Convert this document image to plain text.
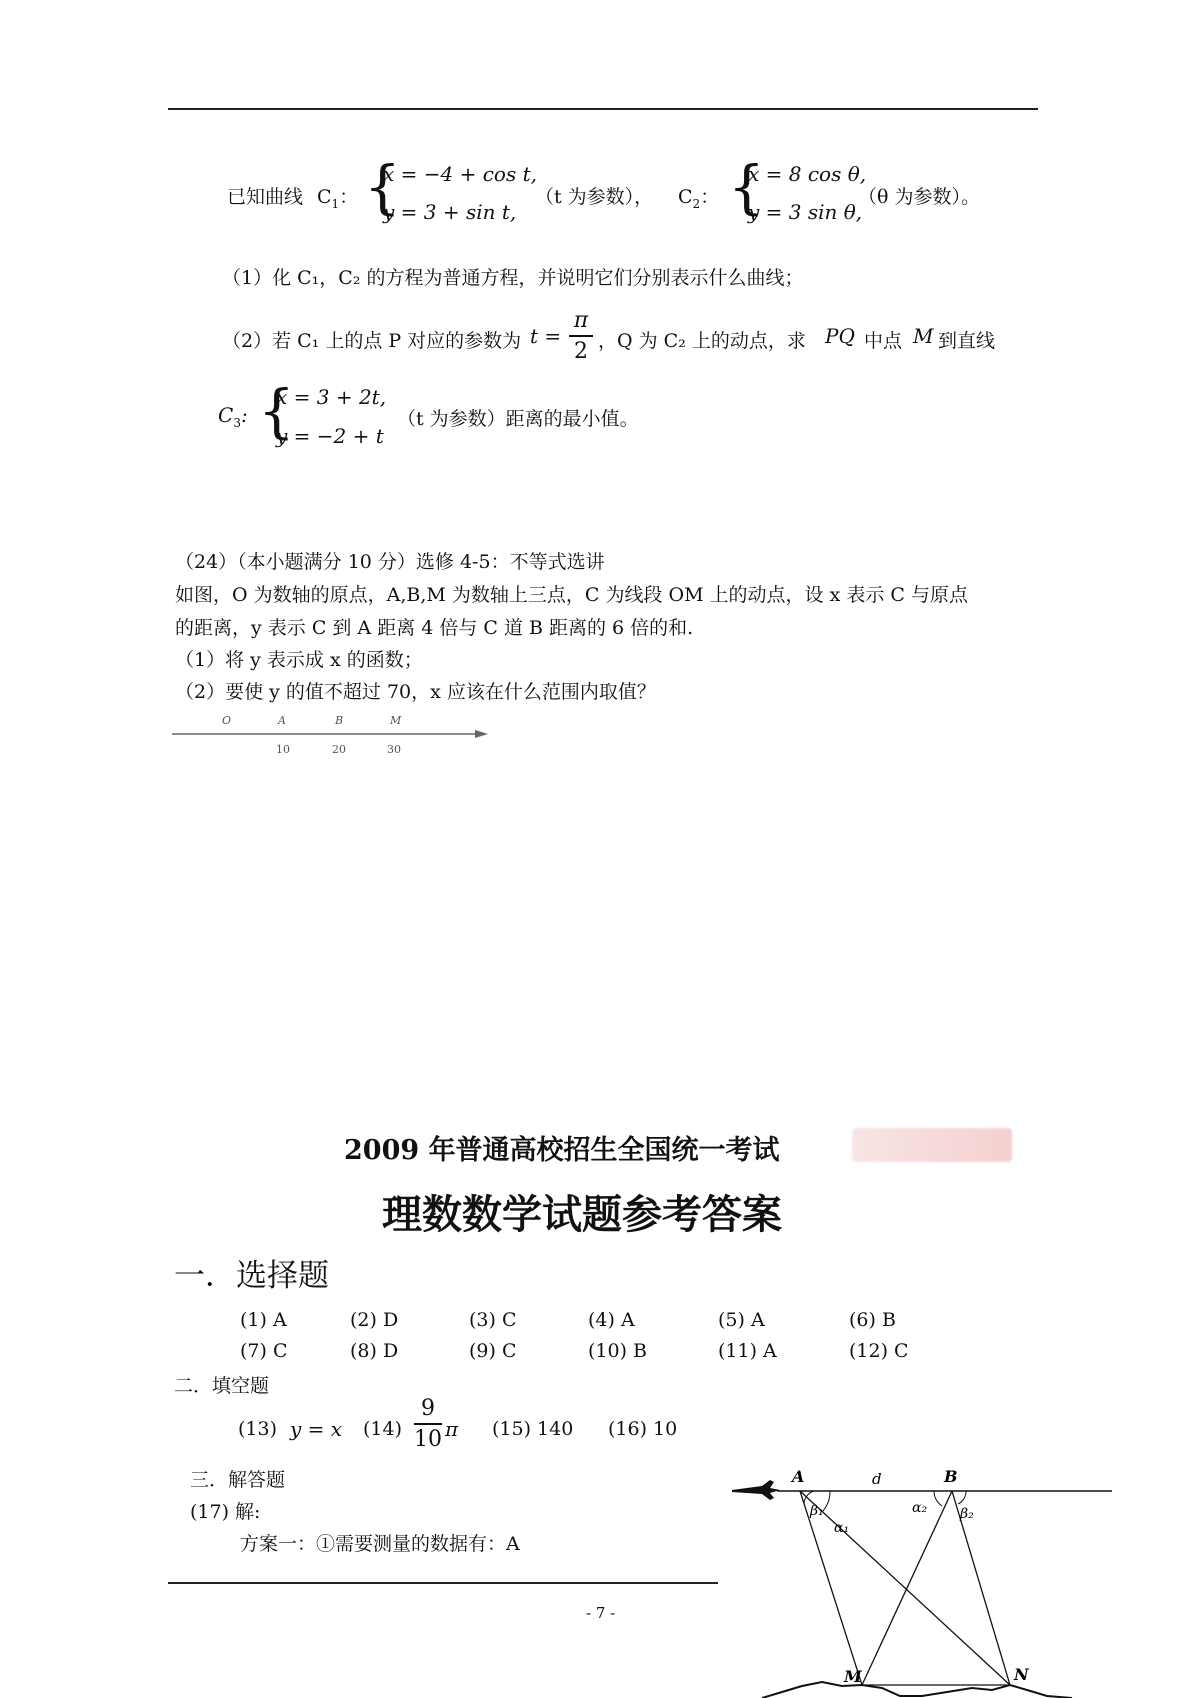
已知曲线 $C_1$： {
x = −4 + cos t,
y = 3 + sin t,
（t 为参数）， $C_2$： {
x = 8 cos θ,
y = 3 sin θ,
（θ 为参数）。
（1）化 C₁，C₂ 的方程为普通方程，并说明它们分别表示什么曲线；
（2）若 C₁ 上的点 P 对应的参数为 t =
π
2 ，Q 为 C₂ 上的动点，求 PQ 中点 M 到直线
$C_3$: {
x = 3 + 2t,
y = −2 + t
（t 为参数）距离的最小值。
（24）（本小题满分 10 分）选修 4-5：不等式选讲
如图，O 为数轴的原点，A,B,M 为数轴上三点，C 为线段 OM 上的动点，设 x 表示 C 与原点
的距离，y 表示 C 到 A 距离 4 倍与 C 道 B 距离的 6 倍的和.
（1）将 y 表示成 x 的函数；
（2）要使 y 的值不超过 70，x 应该在什么范围内取值？
O	A	B	M
10	20	30
2009 年普通高校招生全国统一考试
理数数学试题参考答案
一．选择题
(1) A	(2) D	(3) C	(4) A	(5) A	(6) B
(7) C	(8) D	(9) C	(10) B	(11) A	(12) C
二．填空题
(13) y = x (14)
9
10 π (15) 140 (16) 10
三．解答题
(17) 解:
方案一：①需要测量的数据有：A
- 7 -
A	d	B
β₁
α₁
α₂ β₂
M	N
